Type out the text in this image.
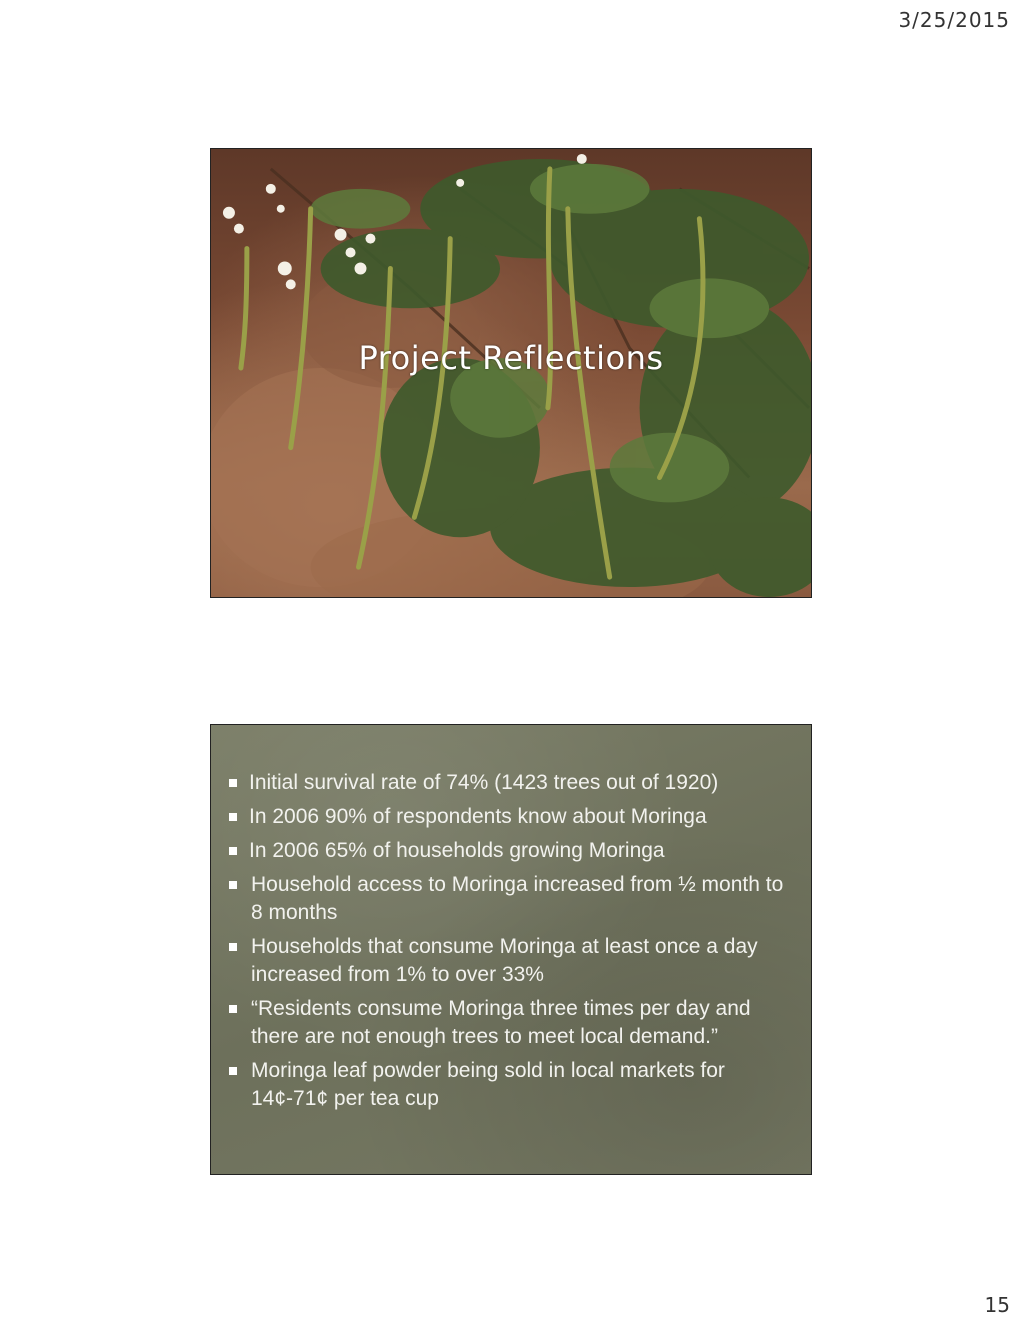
3/25/2015
Project Reflections
Initial survival rate of 74% (1423 trees out of 1920)
In 2006 90% of respondents know about Moringa
In 2006 65% of households growing Moringa
Household access to Moringa increased from ½ month to 8 months
Households that consume Moringa at least once a day increased from 1% to over 33%
“Residents consume Moringa three times per day and there are not enough trees to meet local demand.”
Moringa leaf powder being sold in local markets for 14¢-71¢ per tea cup
15
